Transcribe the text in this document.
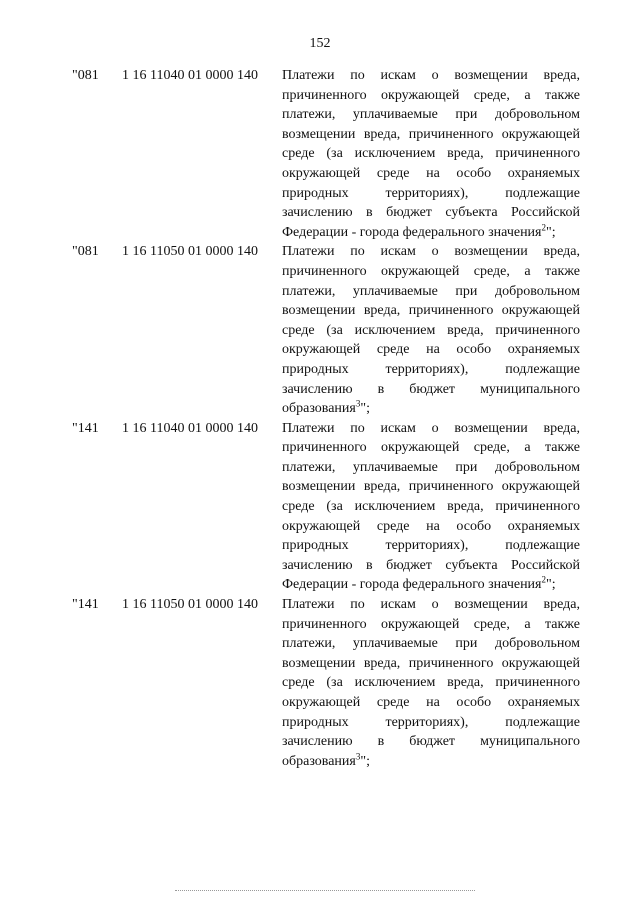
152
"081	1 16 11040 01 0000 140	Платежи по искам о возмещении вреда, причиненного окружающей среде, а также платежи, уплачиваемые при добровольном возмещении вреда, причиненного окружающей среде (за исключением вреда, причиненного окружающей среде на особо охраняемых природных территориях), подлежащие зачислению в бюджет субъекта Российской Федерации - города федерального значения$^2$";
"081	1 16 11050 01 0000 140	Платежи по искам о возмещении вреда, причиненного окружающей среде, а также платежи, уплачиваемые при добровольном возмещении вреда, причиненного окружающей среде (за исключением вреда, причиненного окружающей среде на особо охраняемых природных территориях), подлежащие зачислению в бюджет муниципального образования$^3$";
"141	1 16 11040 01 0000 140	Платежи по искам о возмещении вреда, причиненного окружающей среде, а также платежи, уплачиваемые при добровольном возмещении вреда, причиненного окружающей среде (за исключением вреда, причиненного окружающей среде на особо охраняемых природных территориях), подлежащие зачислению в бюджет субъекта Российской Федерации - города федерального значения$^2$";
"141	1 16 11050 01 0000 140	Платежи по искам о возмещении вреда, причиненного окружающей среде, а также платежи, уплачиваемые при добровольном возмещении вреда, причиненного окружающей среде (за исключением вреда, причиненного окружающей среде на особо охраняемых природных территориях), подлежащие зачислению в бюджет муниципального образования$^3$";
